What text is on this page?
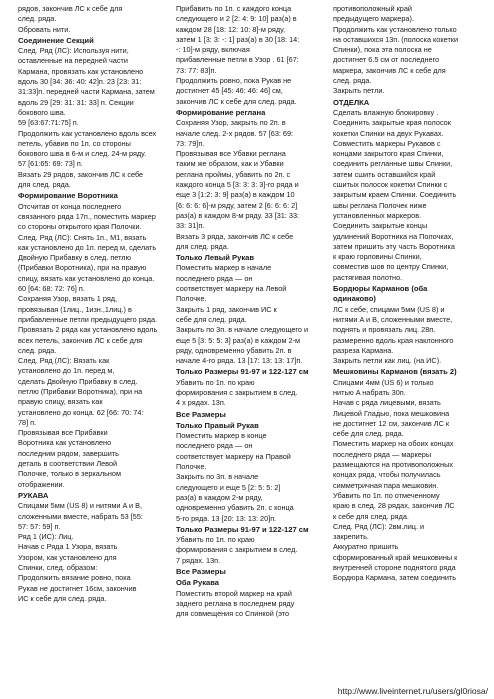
рядов, закончив ЛС к себе для
след. ряда.
Обровать нити.

Соединение Секций

След. Ряд (ЛС): Используя нити,
оставленные на передней части
Кармана, провязать как установлено
вдоль 30 [34: 36: 40: 42]п. 23 [23: 31:
31:33]п. передней части Кармана, затем
вдоль 29 [29: 31: 31: 33] п. Секции
бокового шва.
59 [63:67:71:75] п.

Продолжить как установлено вдоль всех
петель, убавив по 1п. со стороны
бокового шва в 6-м и след. 24-м ряду.
57 [61:65: 69: 73] п.
Вязать 29 рядов, закончив ЛС к себе
для след. ряда.

Формирование Воротника

Отсчитав от конца последнего
связанного ряда 17п., поместить маркер
со стороны открытого края Полочки.

След. Ряд (ЛС): Снять 1п., М1, вязать
как установлено до 1п. перед м, сделать
Двойную Прибавку в след. петлю
(Прибавки Воротника), при на правую
спицу, вязать как установлено до конца.
60 [64: 68: 72: 76] п.
Сохраняя Узор, вязать 1 ряд,
провязывая (1лиц., 1изн.,1лиц.) в
прибавленные петли предыдущего ряда.
Провязать 2 ряда как установлено вдоль
всех петель, закончив ЛС к себе для
след. ряда.

След. Ряд (ЛС): Вязать как
установлено до 1п. перед м,
сделать Двойную Прибавку в след.
петлю (Прибавки Воротника), при на
правую спицу, вязать как
установлено до конца. 62 [66: 70: 74:
78] п.
Провязывая все Прибавки
Воротника как установлено
последним рядом, завершить
деталь в соответствии Левой
Полочке, только в зеркальном
отображении.

РУКАВА

Спицами 5мм (US 8) и нитями A и B,
сложенными вместе, набрать 53 [55:
57: 57: 59] п.

Ряд 1 (ИС): Лиц.
Начав с Ряда 1 Узора, вязать
Узором, как установлено для
Спинки, след. образом:
Продолжить вязание ровно, пока
Рукав не достигнет 16см, закончив
ИС к себе для след. ряда.

Прибавить по 1п. с каждого конца
следующего и 2 [2: 4: 9: 10] раз(а) в
каждом 28 [18: 12: 10: 8]-м ряду,
затем 1 [3: 3: -: 1] раз(а) в 30 [18: 14:
-: 10]-м ряду, включая
прибавленные петли в Узор . 61 [67:
73: 77: 83]п.
Продолжить ровно, пока Рукав не
достигнет 45 [45: 46: 46: 46] см,
закончив ЛС к себе для след. ряда.

Формирование реглана

Сохраняя Узор, закрыть по 2п. в
начале след. 2-х рядов. 57 [63: 69:
73: 79]п.
Провязывая все Убавки реглана
таким же образом, как и Убавки
реглана проймы, убавить по 2п. с
каждого конца 5 [3: 3: 3: 3]-го ряда и
еще 3 [1:2: 3: 9] раз(а) в каждом 10
[6: 6: 6: 6]-м ряду, затем 2 [6: 6: 6: 2]
раз(а) в каждом 8-м ряду. 33 [31: 33:
33: 31]п.
Вязать 3 ряда, закончив ЛС к себе
для след. ряда.

Только Левый Рукав

Поместить маркер в начале
последнего ряда — он
соответствует маркеру на Левой
Полочке.
Закрыть 1 ряд, закончив ИС к
себе для след. ряда.
Закрыть по 3п. в начале следующего и
еще 5 [3: 5: 5: 3] раз(а) в каждом 2-м
ряду, одновременно убавить 2п. в
начале 4-го ряда. 13 [17: 13: 13: 17]п.

Только Размеры 91-97 и 122-127 см

Убавить по 1п. по краю
формирования с закрытием в след.
4 х рядах. 13п.

Все Размеры
Только Правый Рукав

Поместить маркер в конце
последнего ряда — он
соответствует маркеру на Правой
Полочке.
Закрыть по 3п. в начале
следующего и еще 5 [2: 5: 5: 2]
раз(а) в каждом 2-м ряду,
одновременно убавить 2п. с конца
5-го ряда. 13 [20: 13: 13: 20]п.

Только Размеры 91-97 и 122-127 см

Убавить по 1п. по краю
формирования с закрытием в след.
7 рядах. 13п.

Все Размеры
Оба Рукава

Поместить второй маркер на край
заднего реглана в последнем ряду
для совмещения со Спинкой (это

противоположный край
предыдущего маркера).
Продолжить как установлено только
на оставшихся 13п. (полоска кокетки
Спинки), пока эта полоска не
достигнет 6.5 см от последнего
маркера, закончив ЛС к себе для
след. ряда.
Закрыть петли.

ОТДЕЛКА

Сделать влажную блокировку .
Соединить закрытые края полосок
кокетки Спинки на двух Рукавах.
Совместить маркеры Рукавов с
концами закрытого края Спинки,
соединить регланные швы Спинки,
затем сшить оставшийся край
сшитых полосок кокетки Спинки с
закрытым краем Спинки. Соединить
швы реглана Полочек ниже
установленных маркеров.
Соединить закрытые концы
удлинений Воротника на Полочках,
затем пришить эту часть Воротника
к краю горловины Спинки,
совместив шов по центру Спинки,
растягивая полотно.

Бордюры Карманов (оба
одинаково)

ЛС к себе, спицами 5мм (US 8) и
нитями A и B, сложенными вместе,
поднять и провязать лиц. 28п.
размеренно вдоль края наклонного
разреза Кармана.
Закрыть петли как лиц. (на ИС).

Мешковины Карманов (вязать 2)

Спицами 4мм (US 6) и только
нитью A набрать 30п.
Начав с ряда лицевыми, вязать
Лицевой Гладью, пока мешковина
не достигнет 12 см, закончив ЛС к
себе для след. ряда.
Поместить маркер на обоих концах
последнего ряда — маркеры
размещаются на противоположных
концах ряда, чтобы получилась
симметричная пара мешковин.
Убавить по 1п. по отмеченному
краю в след. 28 рядах, закончив ЛС
к себе для след. ряда.
След. Ряд (ЛС): 2вм.лиц. и
закрепить.
Аккуратно пришить
сформированный край мешковины к
внутренней стороне поднятого ряда
Бордюра Кармана, затем соединить

http://www.liveinternet.ru/users/gl0riosa/
